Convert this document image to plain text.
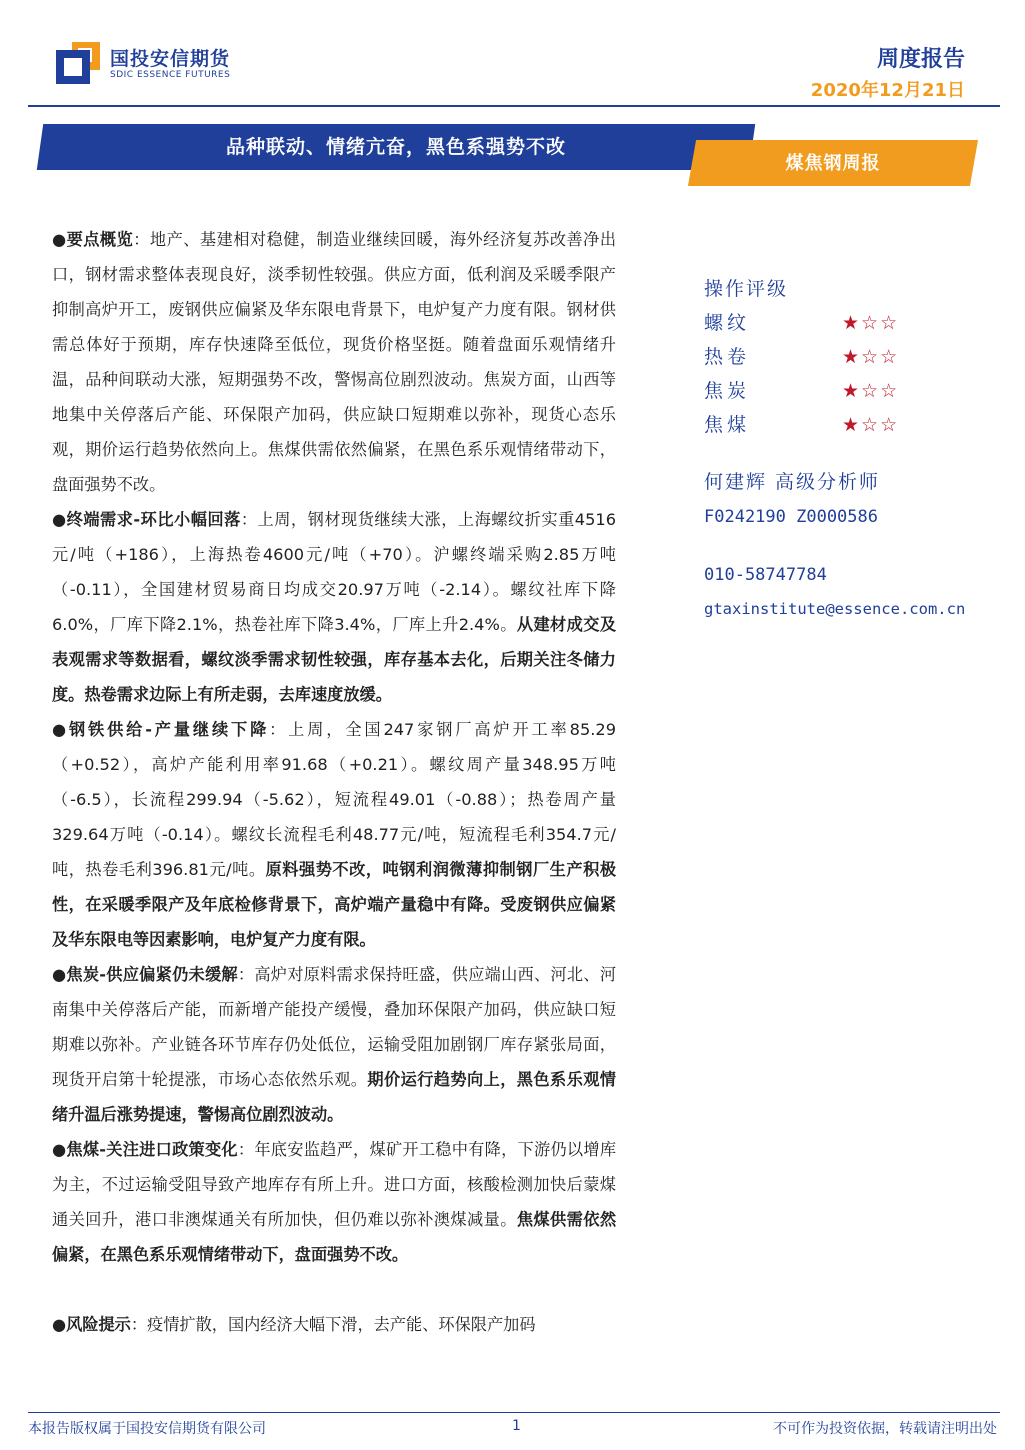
国投安信期货
SDIC ESSENCE FUTURES
周度报告
2020年12月21日
品种联动、情绪亢奋，黑色系强势不改
煤焦钢周报

●要点概览：地产、基建相对稳健，制造业继续回暖，海外经济复苏改善净出口，钢材需求整体表现良好，淡季韧性较强。供应方面，低利润及采暖季限产抑制高炉开工，废钢供应偏紧及华东限电背景下，电炉复产力度有限。钢材供需总体好于预期，库存快速降至低位，现货价格坚挺。随着盘面乐观情绪升温，品种间联动大涨，短期强势不改，警惕高位剧烈波动。焦炭方面，山西等地集中关停落后产能、环保限产加码，供应缺口短期难以弥补，现货心态乐观，期价运行趋势依然向上。焦煤供需依然偏紧，在黑色系乐观情绪带动下，盘面强势不改。

●终端需求-环比小幅回落：上周，钢材现货继续大涨，上海螺纹折实重4516元/吨（+186），上海热卷4600元/吨（+70）。沪螺终端采购2.85万吨（-0.11），全国建材贸易商日均成交20.97万吨（-2.14）。螺纹社库下降6.0%，厂库下降2.1%，热卷社库下降3.4%，厂库上升2.4%。从建材成交及表观需求等数据看，螺纹淡季需求韧性较强，库存基本去化，后期关注冬储力度。热卷需求边际上有所走弱，去库速度放缓。

●钢铁供给-产量继续下降：上周，全国247家钢厂高炉开工率85.29（+0.52），高炉产能利用率91.68（+0.21）。螺纹周产量348.95万吨（-6.5），长流程299.94（-5.62），短流程49.01（-0.88）；热卷周产量329.64万吨（-0.14）。螺纹长流程毛利48.77元/吨，短流程毛利354.7元/吨，热卷毛利396.81元/吨。原料强势不改，吨钢利润微薄抑制钢厂生产积极性，在采暖季限产及年底检修背景下，高炉端产量稳中有降。受废钢供应偏紧及华东限电等因素影响，电炉复产力度有限。

●焦炭-供应偏紧仍未缓解：高炉对原料需求保持旺盛，供应端山西、河北、河南集中关停落后产能，而新增产能投产缓慢，叠加环保限产加码，供应缺口短期难以弥补。产业链各环节库存仍处低位，运输受阻加剧钢厂库存紧张局面，现货开启第十轮提涨，市场心态依然乐观。期价运行趋势向上，黑色系乐观情绪升温后涨势提速，警惕高位剧烈波动。

●焦煤-关注进口政策变化：年底安监趋严，煤矿开工稳中有降，下游仍以增库为主，不过运输受阻导致产地库存有所上升。进口方面，核酸检测加快后蒙煤通关回升，港口非澳煤通关有所加快，但仍难以弥补澳煤减量。焦煤供需依然偏紧，在黑色系乐观情绪带动下，盘面强势不改。

●风险提示：疫情扩散，国内经济大幅下滑，去产能、环保限产加码

操作评级
螺纹	★☆☆
热卷	★☆☆
焦炭	★☆☆
焦煤	★☆☆
何建辉 高级分析师
F0242190 Z0000586
010-58747784
gtaxinstitute@essence.com.cn
本报告版权属于国投安信期货有限公司	1	不可作为投资依据，转载请注明出处
